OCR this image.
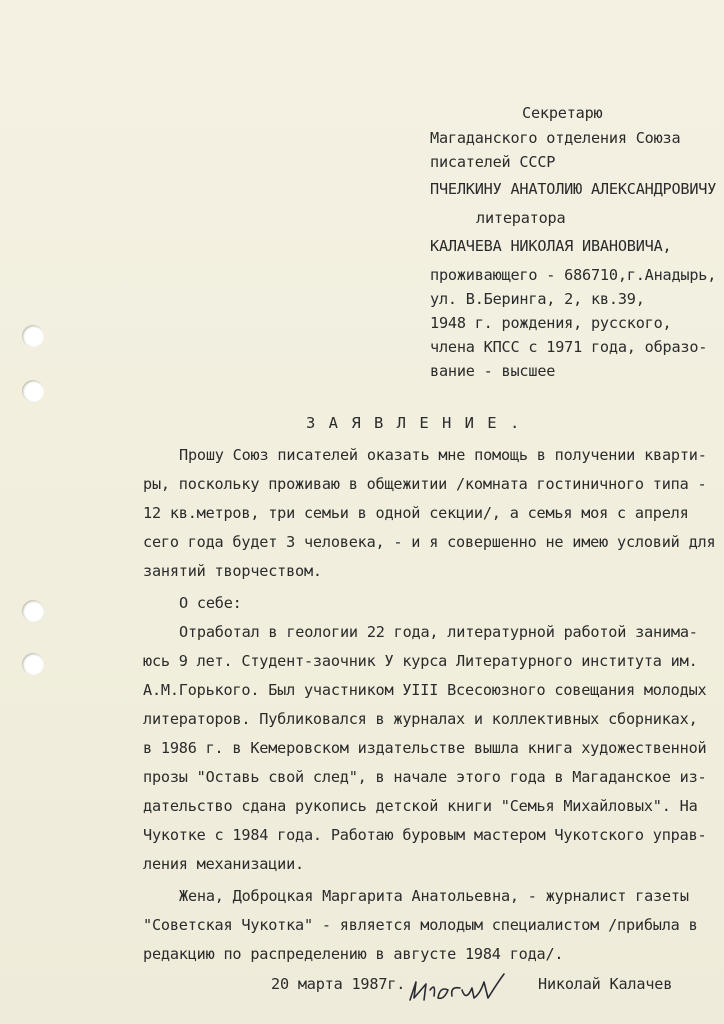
Секретарю
Магаданского отделения Союза
писателей СССР
ПЧЕЛКИНУ АНАТОЛИЮ АЛЕКСАНДРОВИЧУ
литератора
КАЛАЧЕВА НИКОЛАЯ ИВАНОВИЧА,
проживающего - 686710,г.Анадырь,
ул. В.Беринга, 2, кв.39,
1948 г. рождения, русского,
члена КПСС с 1971 года, образо-
вание - высшее
З А Я В Л Е Н И Е .
Прошу Союз писателей оказать мне помощь в получении кварти-
ры, поскольку проживаю в общежитии /комната гостиничного типа -
12 кв.метров, три семьи в одной секции/, а семья моя с апреля
сего года будет 3 человека, - и я совершенно не имею условий для
занятий творчеством.
О себе:
Отработал в геологии 22 года, литературной работой занима-
юсь 9 лет. Студент-заочник У курса Литературного института им.
А.М.Горького. Был участником УIII Всесоюзного совещания молодых
литераторов. Публиковался в журналах и коллективных сборниках,
в 1986 г. в Кемеровском издательстве вышла книга художественной
прозы "Оставь свой след", в начале этого года в Магаданское из-
дательство сдана рукопись детской книги "Семья Михайловых". На
Чукотке с 1984 года. Работаю буровым мастером Чукотского управ-
ления механизации.
Жена, Доброцкая Маргарита Анатольевна, - журналист газеты
"Советская Чукотка" - является молодым специалистом /прибыла в
редакцию по распределению в августе 1984 года/.
20 марта 1987г.	Николай Калачев
